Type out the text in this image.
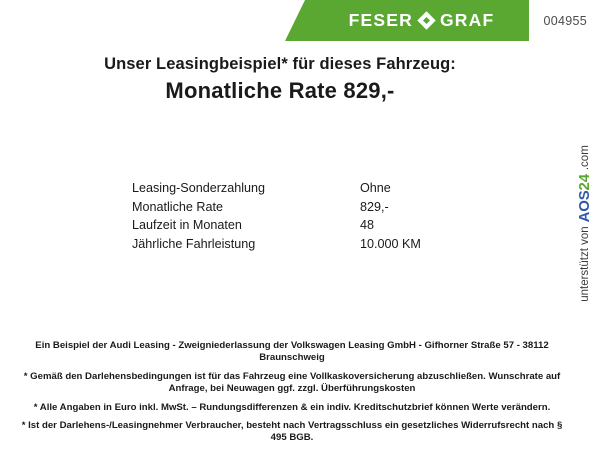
FESER GRAF	004955
Unser Leasingbeispiel* für dieses Fahrzeug:
Monatliche Rate 829,-
Leasing-Sonderzahlung	Ohne
Monatliche Rate	829,-
Laufzeit in Monaten	48
Jährliche Fahrleistung	10.000 KM	unterstützt von
AOS24
.com

Ein Beispiel der Audi Leasing - Zweigniederlassung der Volkswagen Leasing GmbH - Gifhorner Straße 57 - 38112 Braunschweig

* Gemäß den Darlehensbedingungen ist für das Fahrzeug eine Vollkaskoversicherung abzuschließen. Wunschrate auf Anfrage, bei Neuwagen ggf. zzgl. Überführungskosten

* Alle Angaben in Euro inkl. MwSt. – Rundungsdifferenzen & ein indiv. Kreditschutzbrief können Werte verändern.

* Ist der Darlehens-/Leasingnehmer Verbraucher, besteht nach Vertragsschluss ein gesetzliches Widerrufsrecht nach § 495 BGB.
